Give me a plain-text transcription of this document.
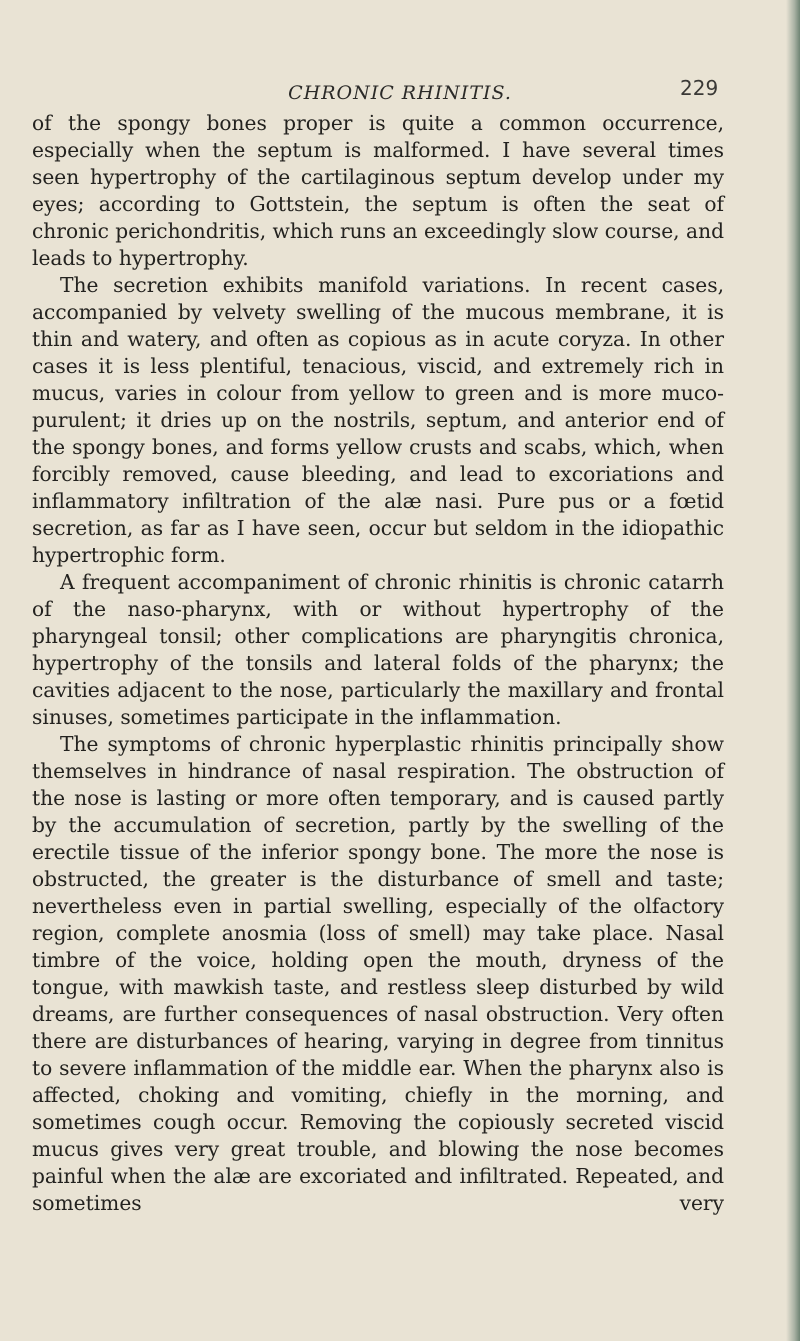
CHRONIC RHINITIS.	229

of the spongy bones proper is quite a common occurrence, especially when the septum is malformed. I have several times seen hypertrophy of the cartilaginous septum develop under my eyes; according to Gottstein, the septum is often the seat of chronic perichondritis, which runs an exceedingly slow course, and leads to hypertrophy.

The secretion exhibits manifold variations. In recent cases, accompanied by velvety swelling of the mucous membrane, it is thin and watery, and often as copious as in acute coryza. In other cases it is less plentiful, tenacious, viscid, and extremely rich in mucus, varies in colour from yellow to green and is more muco-purulent; it dries up on the nostrils, septum, and anterior end of the spongy bones, and forms yellow crusts and scabs, which, when forcibly removed, cause bleeding, and lead to excoriations and inflammatory infiltration of the alæ nasi. Pure pus or a fœtid secretion, as far as I have seen, occur but seldom in the idiopathic hypertrophic form.

A frequent accompaniment of chronic rhinitis is chronic catarrh of the naso-pharynx, with or without hypertrophy of the pharyngeal tonsil; other complications are pharyngitis chronica, hypertrophy of the tonsils and lateral folds of the pharynx; the cavities adjacent to the nose, particularly the maxillary and frontal sinuses, sometimes participate in the inflammation.

The symptoms of chronic hyperplastic rhinitis principally show themselves in hindrance of nasal respiration. The obstruction of the nose is lasting or more often temporary, and is caused partly by the accumulation of secretion, partly by the swelling of the erectile tissue of the inferior spongy bone. The more the nose is obstructed, the greater is the disturbance of smell and taste; nevertheless even in partial swelling, especially of the olfactory region, complete anosmia (loss of smell) may take place. Nasal timbre of the voice, holding open the mouth, dryness of the tongue, with mawkish taste, and restless sleep disturbed by wild dreams, are further consequences of nasal obstruction. Very often there are disturbances of hearing, varying in degree from tinnitus to severe inflammation of the middle ear. When the pharynx also is affected, choking and vomiting, chiefly in the morning, and sometimes cough occur. Removing the copiously secreted viscid mucus gives very great trouble, and blowing the nose becomes painful when the alæ are excoriated and infiltrated. Repeated, and sometimes very
